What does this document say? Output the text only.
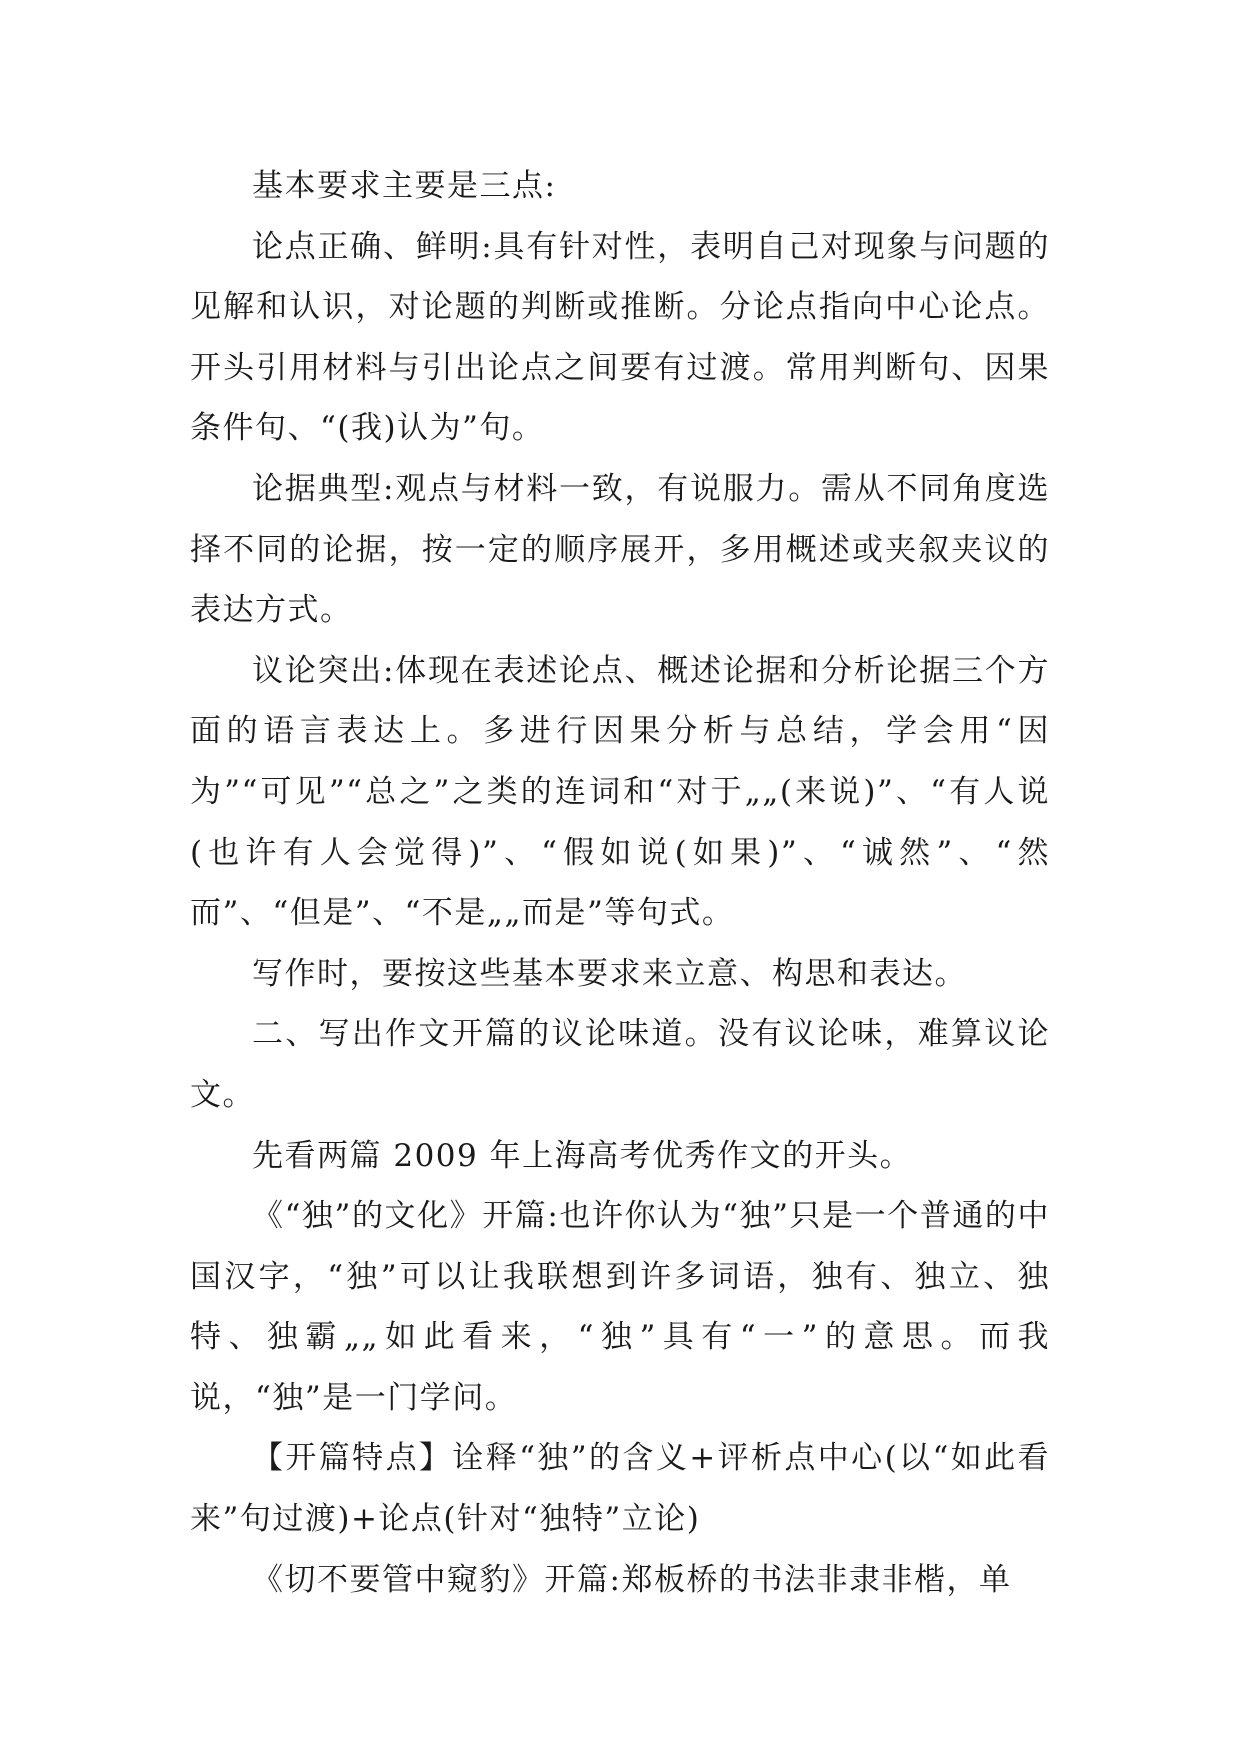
基本要求主要是三点:

论点正确、鲜明:具有针对性，表明自己对现象与问题的见解和认识，对论题的判断或推断。分论点指向中心论点。开头引用材料与引出论点之间要有过渡。常用判断句、因果条件句、“(我)认为”句。

论据典型:观点与材料一致，有说服力。需从不同角度选择不同的论据，按一定的顺序展开，多用概述或夹叙夹议的表达方式。

议论突出:体现在表述论点、概述论据和分析论据三个方面的语言表达上。多进行因果分析与总结，学会用“因为”“可见”“总之”之类的连词和“对于„„(来说)”、“有人说(也许有人会觉得)”、“假如说(如果)”、“诚然”、“然而”、“但是”、“不是„„而是”等句式。

写作时，要按这些基本要求来立意、构思和表达。

二、写出作文开篇的议论味道。没有议论味，难算议论文。

先看两篇 2009 年上海高考优秀作文的开头。

《“独”的文化》开篇:也许你认为“独”只是一个普通的中国汉字，“独”可以让我联想到许多词语，独有、独立、独特、独霸„„如此看来，“独”具有“一”的意思。而我说，“独”是一门学问。

【开篇特点】诠释“独”的含义+评析点中心(以“如此看来”句过渡)+论点(针对“独特”立论)

《切不要管中窥豹》开篇:郑板桥的书法非隶非楷，单
